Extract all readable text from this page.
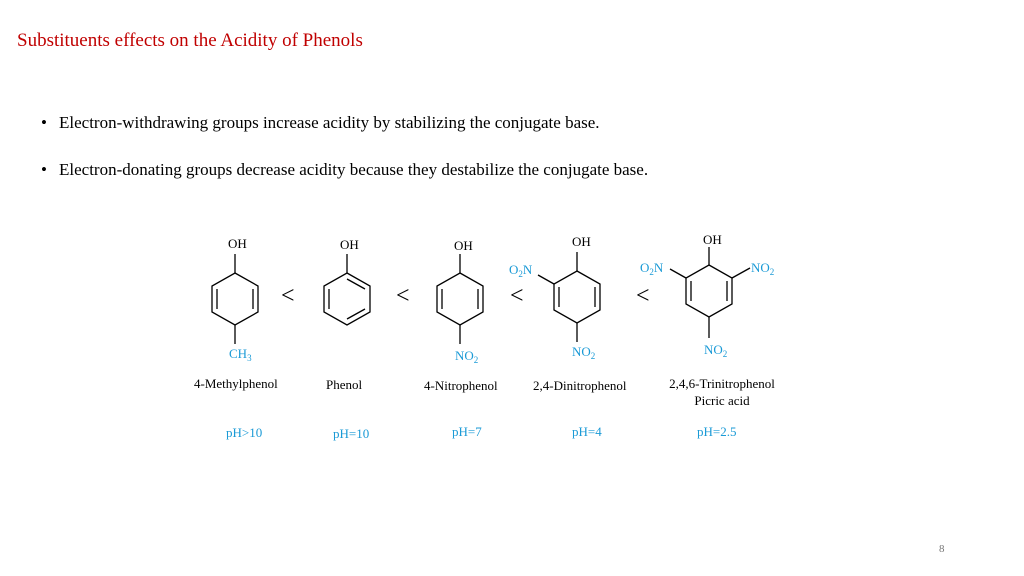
Substituents effects on the Acidity of Phenols
• Electron-withdrawing groups increase acidity by stabilizing the conjugate base.
• Electron-donating groups decrease acidity because they destabilize the conjugate base.
OH	OH	OH	OH	OH
$CH_3$	$NO_2$
$O_2N$
$NO_2$
$O_2N$	$NO_2$
$NO_2$
<	<	<	<
4-Methylphenol	Phenol	4-Nitrophenol	2,4-Dinitrophenol	2,4,6-Trinitrophenol
Picric acid
pH>10	pH=10	pH=7	pH=4	pH=2.5
8
